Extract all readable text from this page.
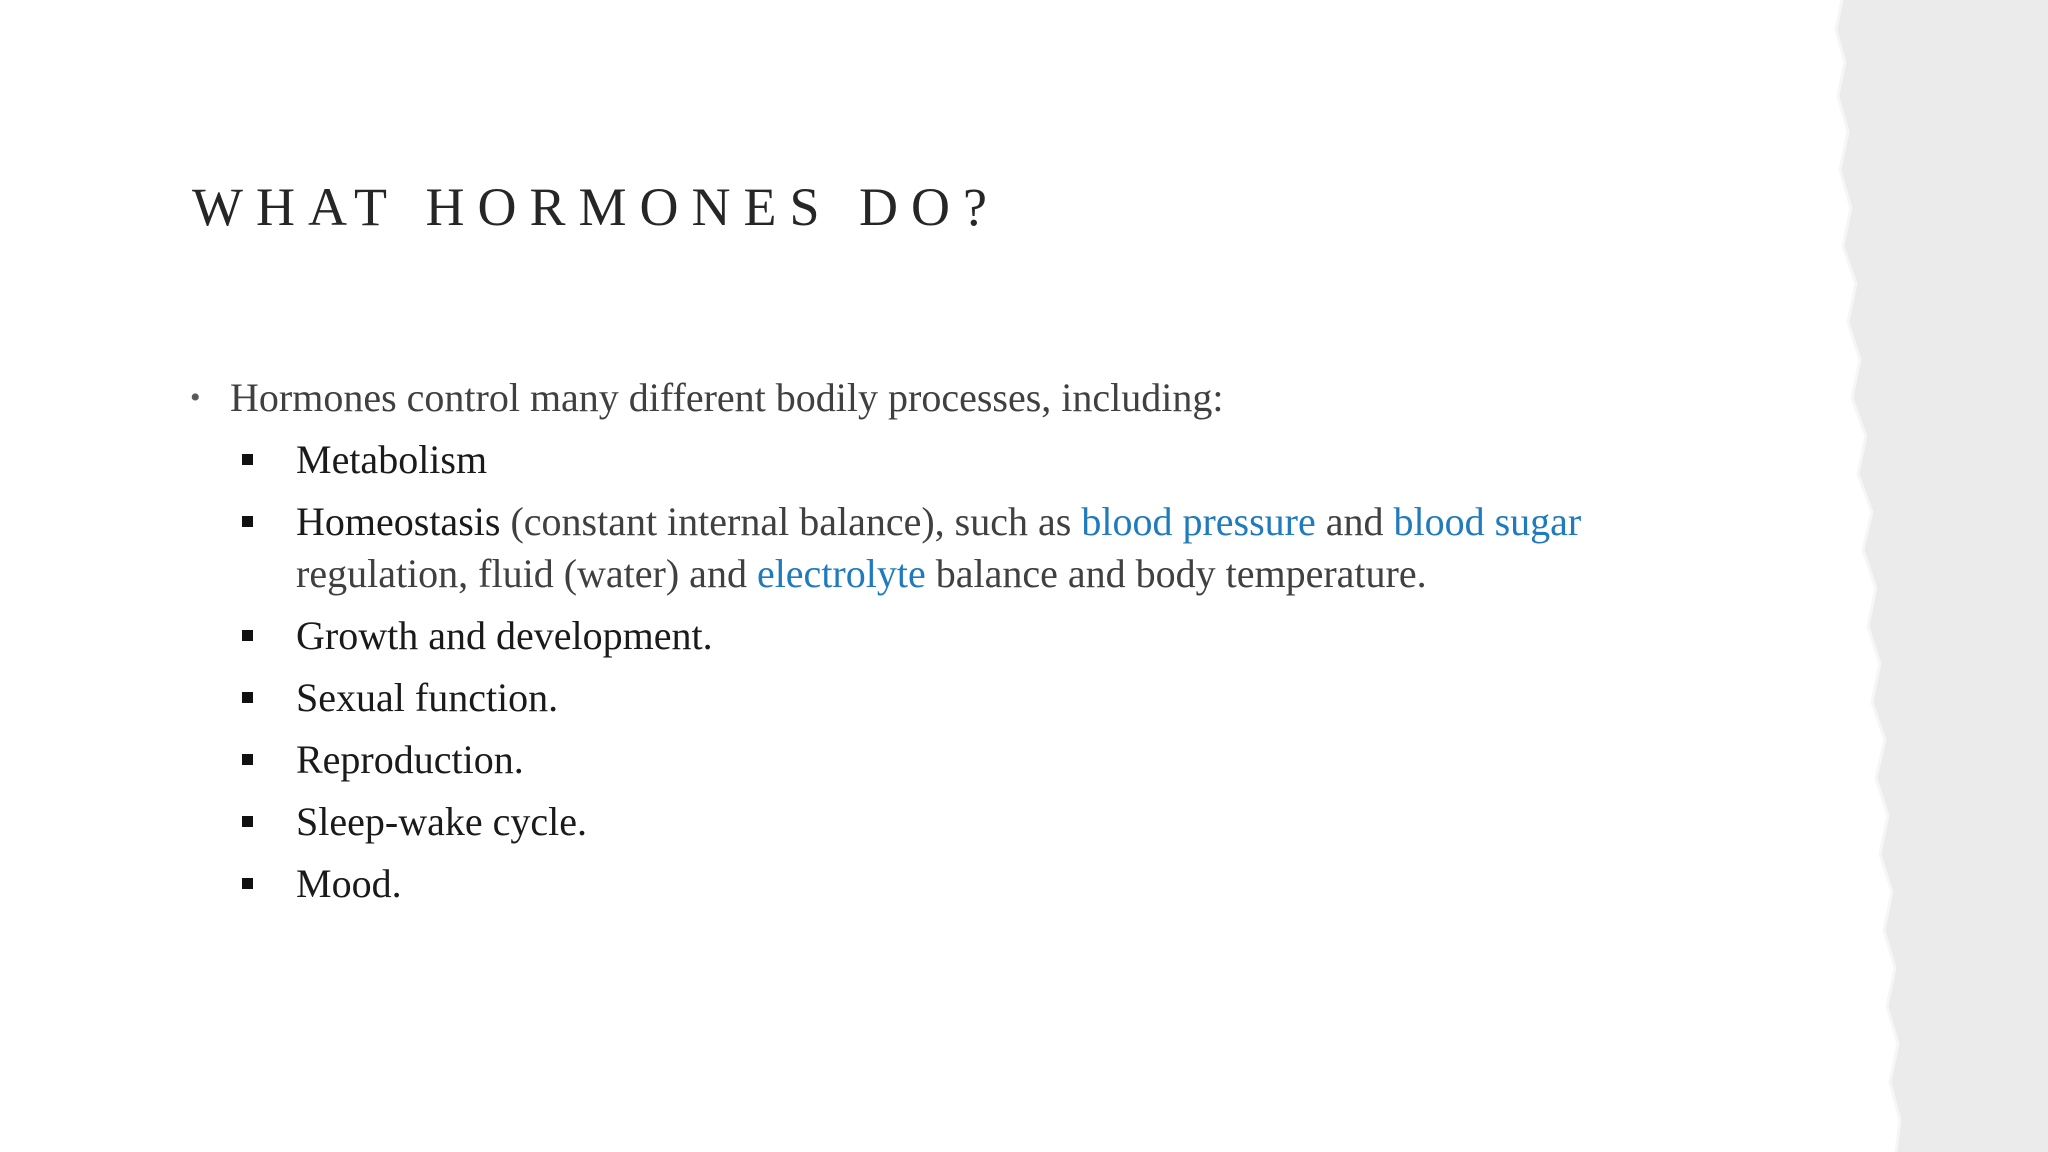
WHAT HORMONES DO?

• Hormones control many different bodily processes, including:

Metabolism
Homeostasis (constant internal balance), such as blood pressure and blood sugar regulation, fluid (water) and electrolyte balance and body temperature.
Growth and development.
Sexual function.
Reproduction.
Sleep-wake cycle.
Mood.
